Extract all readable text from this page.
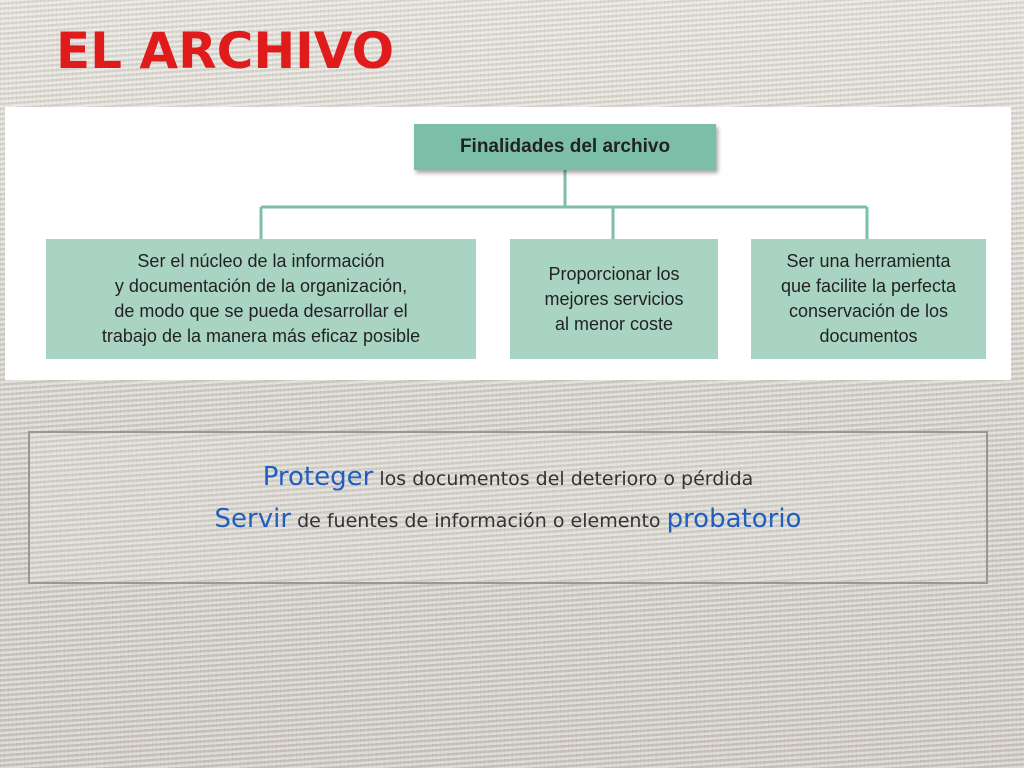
EL ARCHIVO
Finalidades del archivo
Ser el núcleo de la información
y documentación de la organización,
de modo que se pueda desarrollar el
trabajo de la manera más eficaz posible
Proporcionar los
mejores servicios
al menor coste
Ser una herramienta
que facilite la perfecta
conservación de los
documentos
Proteger los documentos del deterioro o pérdida
Servir de fuentes de información o elemento probatorio
